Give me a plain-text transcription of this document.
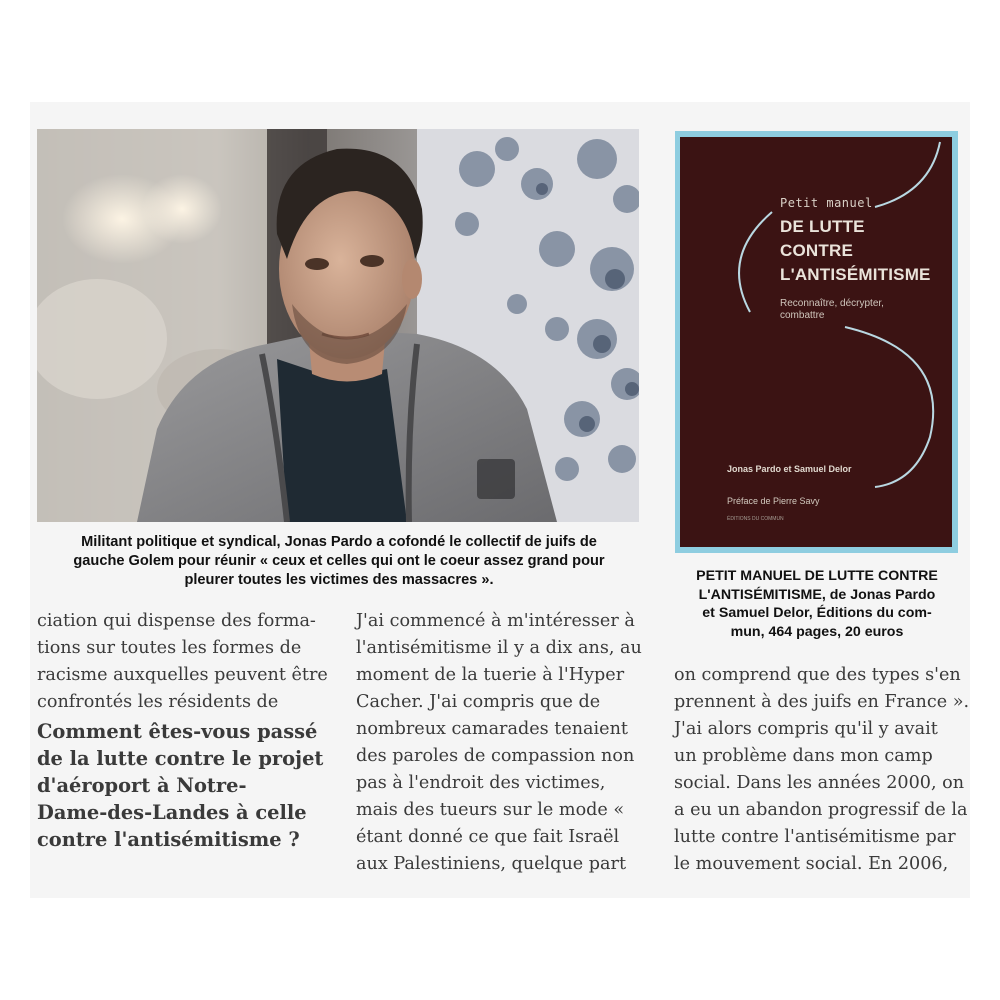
Militant politique et syndical, Jonas Pardo a cofondé le collectif de juifs de
gauche Golem pour réunir « ceux et celles qui ont le coeur assez grand pour
pleurer toutes les victimes des massacres ».
Petit manuel
DE LUTTE
CONTRE
L'ANTISÉMITISME
Reconnaître, décrypter, combattre
Jonas Pardo et Samuel Delor
Préface de Pierre Savy
ÉDITIONS DU COMMUN
PETIT MANUEL DE LUTTE CONTRE
L'ANTISÉMITISME, de Jonas Pardo
et Samuel Delor, Éditions du com-
mun, 464 pages, 20 euros

ciation qui dispense des forma-

tions sur toutes les formes de

racisme auxquelles peuvent être

confrontés les résidents de

Comment êtes-vous passé
de la lutte contre le projet
d'aéroport à Notre-
Dame-des-Landes à celle
contre l'antisémitisme ?

J'ai commencé à m'intéresser à

l'antisémitisme il y a dix ans, au

moment de la tuerie à l'Hyper

Cacher. J'ai compris que de

nombreux camarades tenaient

des paroles de compassion non

pas à l'endroit des victimes,

mais des tueurs sur le mode «

étant donné ce que fait Israël

aux Palestiniens, quelque part

on comprend que des types s'en

prennent à des juifs en France ».

J'ai alors compris qu'il y avait

un problème dans mon camp

social. Dans les années 2000, on

a eu un abandon progressif de la

lutte contre l'antisémitisme par

le mouvement social. En 2006,
